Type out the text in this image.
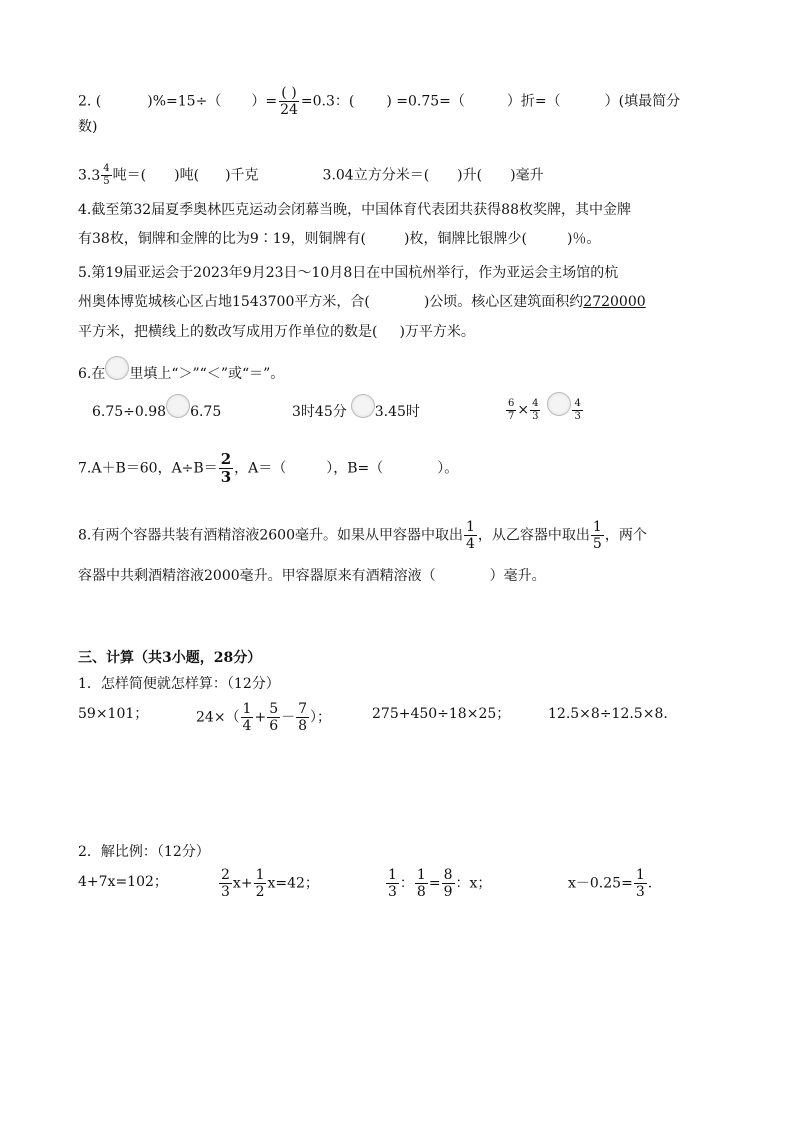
2. (	)%=15÷（ ）= $\frac{( )}{24} =0.3$：( ) =0.75=（	）折=（	）(填最简分
数)
3. $3 \frac{4}{5}$ 吨＝( )吨( )千克	3.04立方分米＝( )升( )毫升
4.截至第32届夏季奥林匹克运动会闭幕当晚，中国体育代表团共获得88枚奖牌，其中金牌
有38枚，铜牌和金牌的比为9∶19，则铜牌有(	)枚，铜牌比银牌少(	)％。
5.第19届亚运会于2023年9月23日～10月8日在中国杭州举行，作为亚运会主场馆的杭
州奥体博览城核心区占地1543700平方米，合(	)公顷。核心区建筑面积约2720000
平方米，把横线上的数改写成用万作单位的数是( )万平方米。
6.在 里填上“＞”“＜”或“＝”。
6.75÷0.98 6.75	3时45分 3.45时	$\frac{6}{7} \times \frac{4}{3}$	$\frac{4}{3}$
7.A＋B＝60，$A\div B= \frac{2}{3}$ ，A＝（	），B=（	）。
8.有两个容器共装有酒精溶液2600毫升。如果从甲容器中取出 $\frac{1}{4}$ ，从乙容器中取出 $\frac{1}{5}$ ，两个
容器中共剩酒精溶液2000毫升。甲容器原来有酒精溶液（	）毫升。
三、计算（共3小题，28分）
1．怎样简便就怎样算：（12分）
59×101；	$24\times( \frac{1}{4} + \frac{5}{6} - \frac{7}{8}$ ）；	275+450÷18×25；	12.5×8÷12.5×8.
2．解比例：（12分）
4+7x=102；	$\frac{2}{3} x+ \frac{1}{2} x=42$；	$\frac{1}{3}$ ： $\frac{1}{8} = \frac{8}{9}$ ：x；	$x-0.25= \frac{1}{3}$ .
